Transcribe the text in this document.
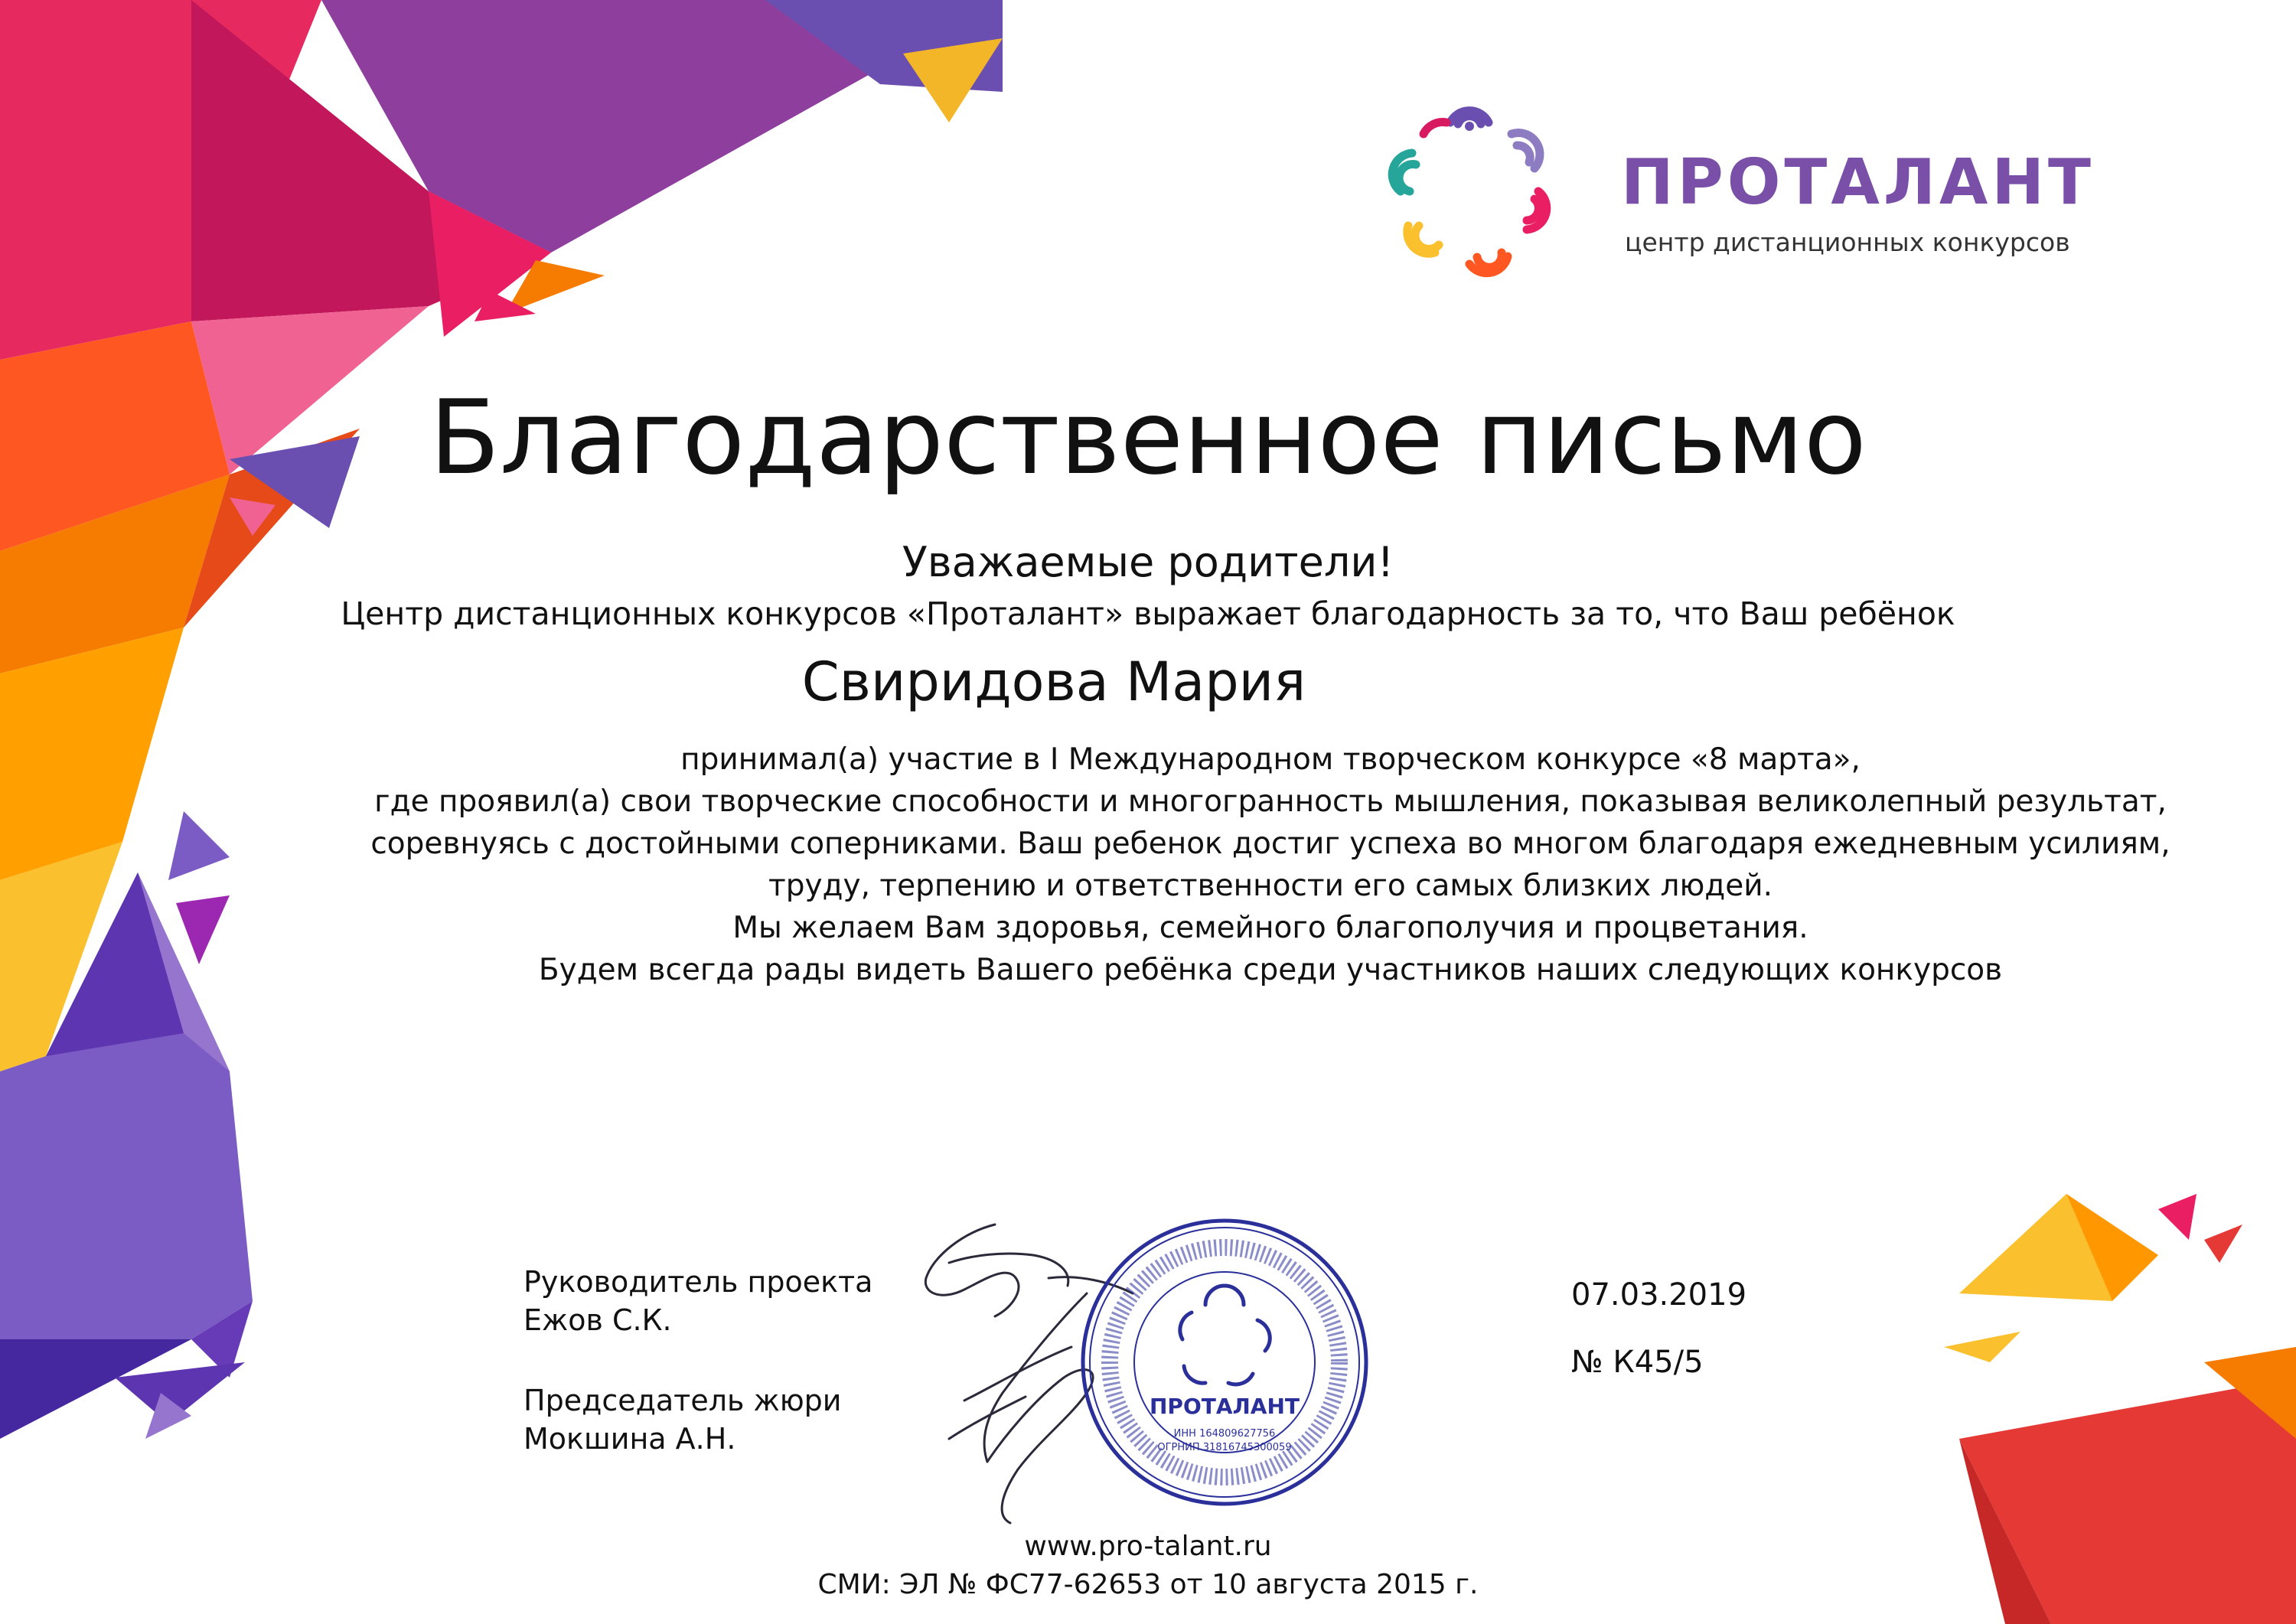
ПРОТАЛАНТ
центр дистанционных конкурсов
Благодарственное письмо
Уважаемые родители!
Центр дистанционных конкурсов «Проталант» выражает благодарность за то, что Ваш ребёнок
Свиридова Мария

принимал(а) участие в I Международном творческом конкурсе «8 марта»,

где проявил(а) свои творческие способности и многогранность мышления, показывая великолепный результат,

соревнуясь с достойными соперниками. Ваш ребенок достиг успеха во многом благодаря ежедневным усилиям,

труду, терпению и ответственности его самых близких людей.

Мы желаем Вам здоровья, семейного благополучия и процветания.

Будем всегда рады видеть Вашего ребёнка среди участников наших следующих конкурсов

Руководитель проекта

Ежов С.К.

Председатель жюри

Мокшина А.Н.

ПРОТАЛАНТ
ИНН 164809627756
ОГРНИП 31816745300059
07.03.2019
№ К45/5
www.pro-talant.ru
СМИ: ЭЛ № ФС77-62653 от 10 августа 2015 г.
